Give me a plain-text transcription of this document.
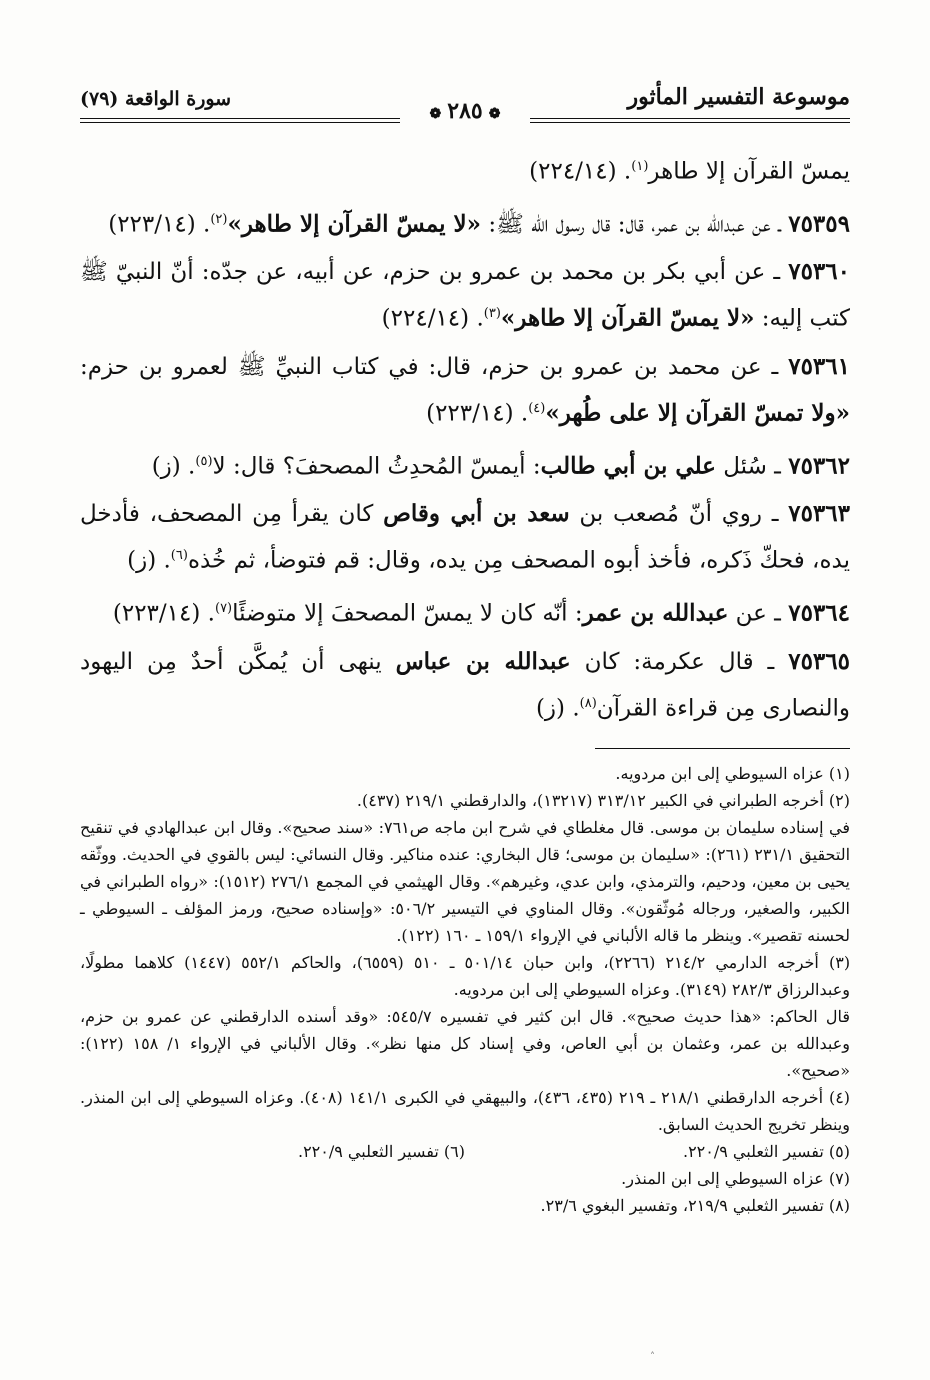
موسوعة التفسير المأثور
❁٢٨٥❁
سورة الواقعة (٧٩)

يمسّ القرآن إلا طاهر$^{(١)}$. (٢٢٤/١٤)

٧٥٣٥٩ ـ عن عبدالله بن عمر، قال: قال رسول الله ﷺ: «لا يمسّ القرآن إلا طاهر»$^{(٢)}$. (٢٢٣/١٤)

٧٥٣٦٠ ـ عن أبي بكر بن محمد بن عمرو بن حزم، عن أبيه، عن جدّه: أنّ النبيّ ﷺ كتب إليه: «لا يمسّ القرآن إلا طاهر»$^{(٣)}$. (٢٢٤/١٤)

٧٥٣٦١ ـ عن محمد بن عمرو بن حزم، قال: في كتاب النبيِّ ﷺ لعمرو بن حزم: «ولا تمسّ القرآن إلا على طُهر»$^{(٤)}$. (٢٢٣/١٤)

٧٥٣٦٢ ـ سُئل علي بن أبي طالب: أيمسّ المُحدِثُ المصحفَ؟ قال: لا$^{(٥)}$. (ز)

٧٥٣٦٣ ـ روي أنّ مُصعب بن سعد بن أبي وقاص كان يقرأ مِن المصحف، فأدخل يده، فحكّ ذَكره، فأخذ أبوه المصحف مِن يده، وقال: قم فتوضأ، ثم خُذه$^{(٦)}$. (ز)

٧٥٣٦٤ ـ عن عبدالله بن عمر: أنّه كان لا يمسّ المصحفَ إلا متوضئًا$^{(٧)}$. (٢٢٣/١٤)

٧٥٣٦٥ ـ قال عكرمة: كان عبدالله بن عباس ينهى أن يُمكَّن أحدٌ مِن اليهود والنصارى مِن قراءة القرآن$^{(٨)}$. (ز)

(١) عزاه السيوطي إلى ابن مردويه.

(٢) أخرجه الطبراني في الكبير ٣١٣/١٢ (١٣٢١٧)، والدارقطني ٢١٩/١ (٤٣٧).

في إسناده سليمان بن موسى. قال مغلطاي في شرح ابن ماجه ص٧٦١: «سند صحيح». وقال ابن عبدالهادي في تنقيح التحقيق ٢٣١/١ (٢٦١): «سليمان بن موسى؛ قال البخاري: عنده مناكير. وقال النسائي: ليس بالقوي في الحديث. ووثّقه يحيى بن معين، ودحيم، والترمذي، وابن عدي، وغيرهم». وقال الهيثمي في المجمع ٢٧٦/١ (١٥١٢): «رواه الطبراني في الكبير، والصغير، ورجاله مُوثّقون». وقال المناوي في التيسير ٥٠٦/٢: «وإسناده صحيح، ورمز المؤلف ـ السيوطي ـ لحسنه تقصير». وينظر ما قاله الألباني في الإرواء ١٥٩/١ ـ ١٦٠ (١٢٢).

(٣) أخرجه الدارمي ٢١٤/٢ (٢٢٦٦)، وابن حبان ٥٠١/١٤ ـ ٥١٠ (٦٥٥٩)، والحاكم ٥٥٢/١ (١٤٤٧) كلاهما مطولًا، وعبدالرزاق ٢٨٢/٣ (٣١٤٩). وعزاه السيوطي إلى ابن مردويه.

قال الحاكم: «هذا حديث صحيح». قال ابن كثير في تفسيره ٥٤٥/٧: «وقد أسنده الدارقطني عن عمرو بن حزم، وعبدالله بن عمر، وعثمان بن أبي العاص، وفي إسناد كل منها نظر». وقال الألباني في الإرواء ١/ ١٥٨ (١٢٢): «صحيح».

(٤) أخرجه الدارقطني ٢١٨/١ ـ ٢١٩ (٤٣٥، ٤٣٦)، والبيهقي في الكبرى ١٤١/١ (٤٠٨). وعزاه السيوطي إلى ابن المنذر. وينظر تخريج الحديث السابق.

(٥) تفسير الثعلبي ٢٢٠/٩.

(٦) تفسير الثعلبي ٢٢٠/٩.

(٧) عزاه السيوطي إلى ابن المنذر.

(٨) تفسير الثعلبي ٢١٩/٩، وتفسير البغوي ٢٣/٦.

˄
